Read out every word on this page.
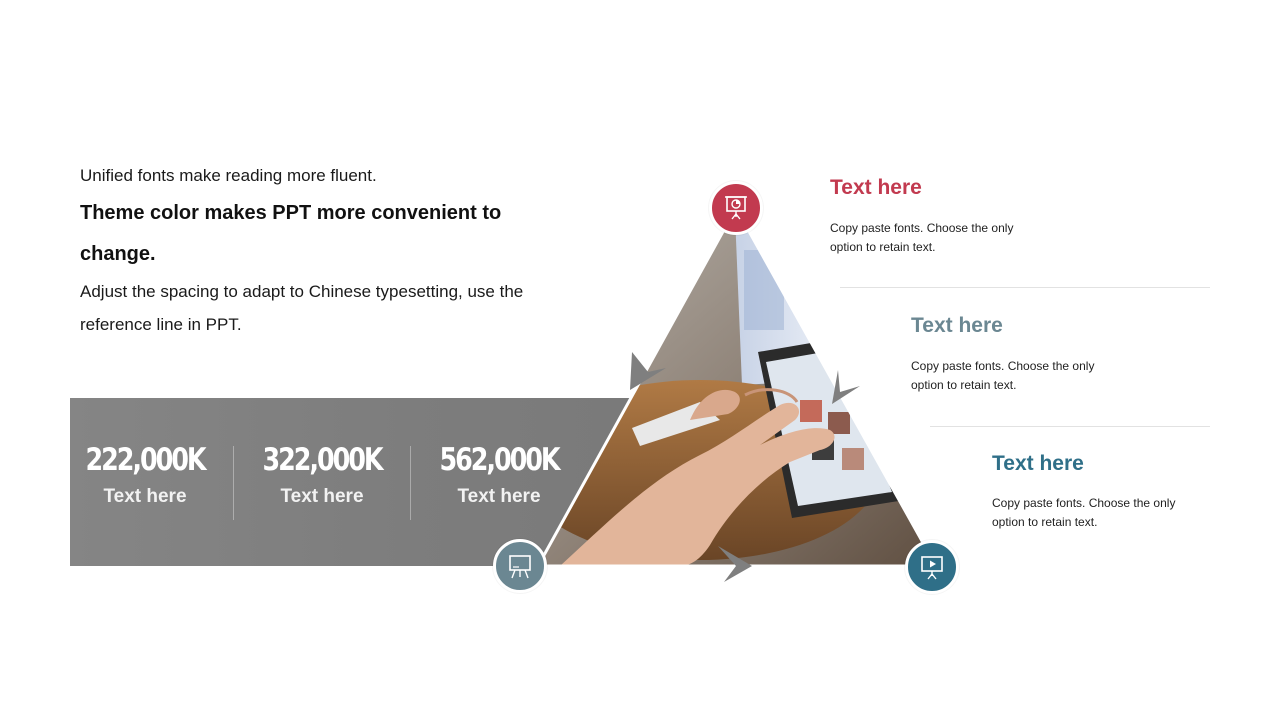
Unified fonts make reading more fluent.
Theme color makes PPT more convenient to
change.
Adjust the spacing to adapt to Chinese typesetting, use the
reference line in PPT.
222,000K
Text here
322,000K
Text here
562,000K
Text here
Text here
Copy paste fonts. Choose the only option to retain text.
Text here
Copy paste fonts. Choose the only option to retain text.
Text here
Copy paste fonts. Choose the only option to retain text.
